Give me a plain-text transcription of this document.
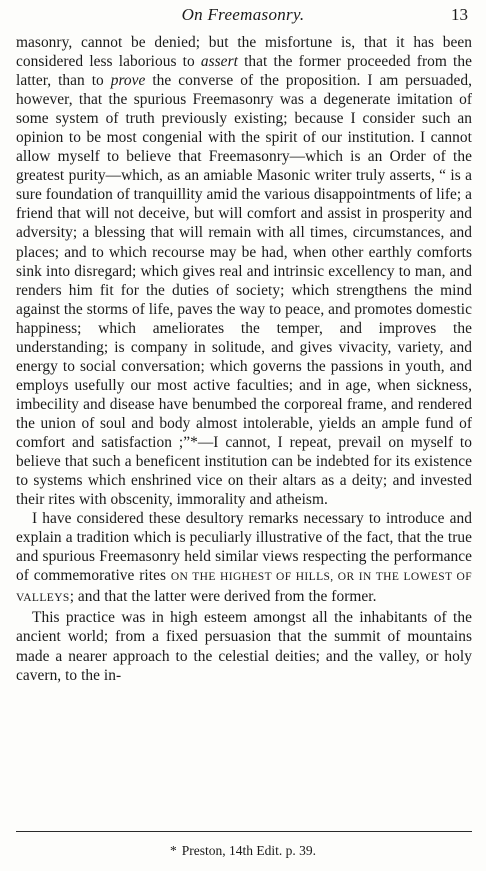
On Freemasonry.	13

masonry, cannot be denied; but the misfortune is, that it has been considered less laborious to assert that the former proceeded from the latter, than to prove the converse of the proposition. I am persuaded, however, that the spurious Freemasonry was a degenerate imitation of some system of truth previously existing; because I consider such an opinion to be most congenial with the spirit of our institution. I cannot allow myself to believe that Freemasonry—which is an Order of the greatest purity—which, as an amiable Masonic writer truly asserts, “ is a sure foundation of tranquillity amid the various disappointments of life; a friend that will not deceive, but will comfort and assist in prosperity and adversity; a blessing that will remain with all times, circumstances, and places; and to which recourse may be had, when other earthly comforts sink into disregard; which gives real and intrinsic excellency to man, and renders him fit for the duties of society; which strengthens the mind against the storms of life, paves the way to peace, and promotes domestic happiness; which ameliorates the temper, and improves the understanding; is company in solitude, and gives vivacity, variety, and energy to social conversation; which governs the passions in youth, and employs usefully our most active faculties; and in age, when sickness, imbecility and disease have benumbed the corporeal frame, and rendered the union of soul and body almost intolerable, yields an ample fund of comfort and satisfaction ;”*—I cannot, I repeat, prevail on myself to believe that such a beneficent institution can be indebted for its existence to systems which enshrined vice on their altars as a deity; and invested their rites with obscenity, immorality and atheism.

I have considered these desultory remarks necessary to introduce and explain a tradition which is peculiarly illustrative of the fact, that the true and spurious Freemasonry held similar views respecting the performance of commemorative rites ON THE HIGHEST OF HILLS, OR IN THE LOWEST OF VALLEYS; and that the latter were derived from the former.

This practice was in high esteem amongst all the inhabitants of the ancient world; from a fixed persuasion that the summit of mountains made a nearer approach to the celestial deities; and the valley, or holy cavern, to the in-

* Preston, 14th Edit. p. 39.
